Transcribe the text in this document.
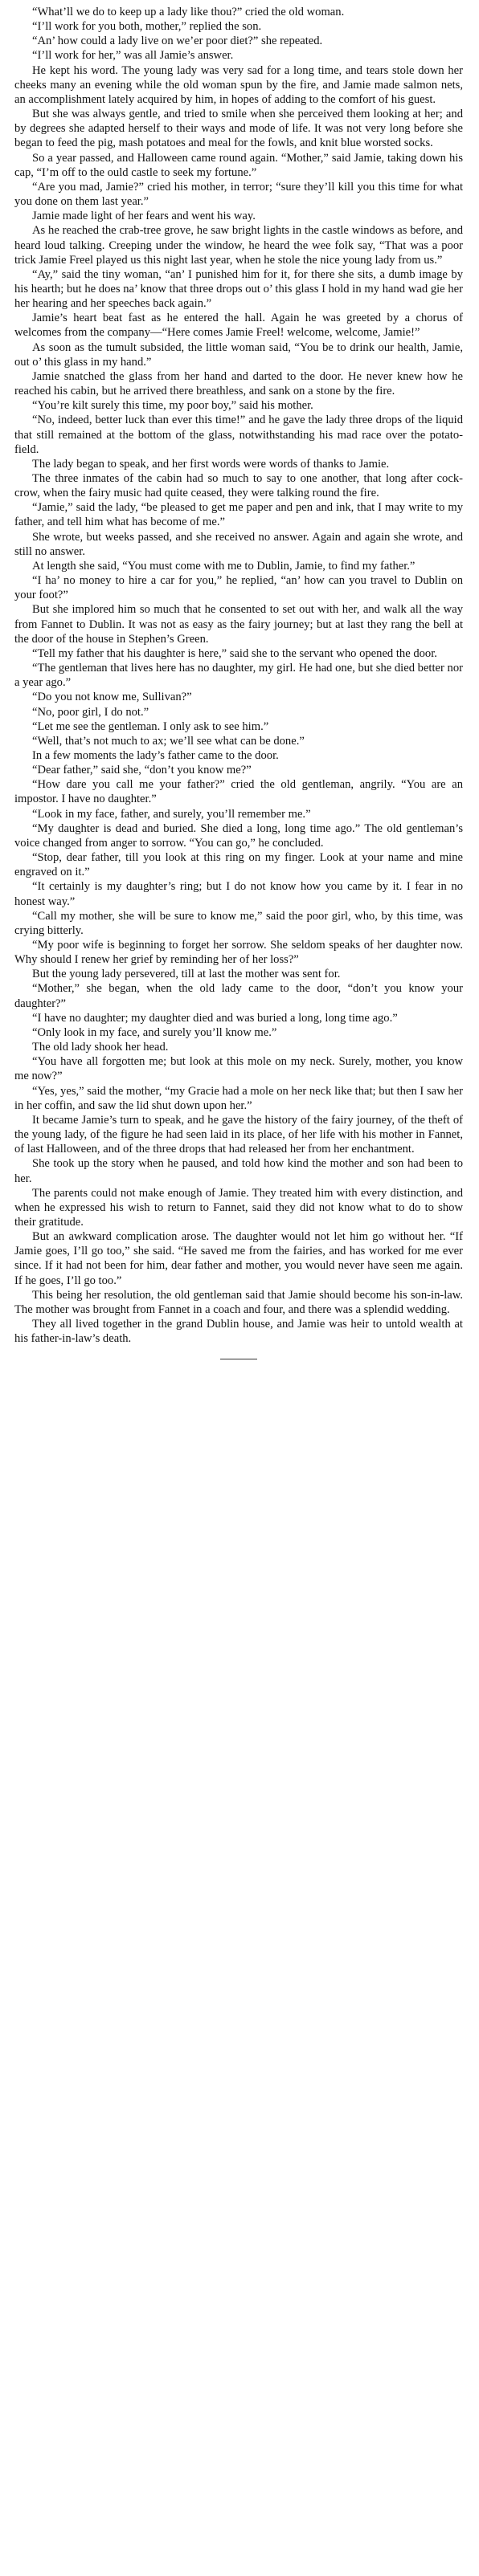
“What’ll we do to keep up a lady like thou?” cried the old woman.

“I’ll work for you both, mother,” replied the son.

“An’ how could a lady live on we’er poor diet?” she repeated.

“I’ll work for her,” was all Jamie’s answer.

He kept his word. The young lady was very sad for a long time, and tears stole down her cheeks many an evening while the old woman spun by the fire, and Jamie made salmon nets, an accomplishment lately acquired by him, in hopes of adding to the comfort of his guest.

But she was always gentle, and tried to smile when she perceived them looking at her; and by degrees she adapted herself to their ways and mode of life. It was not very long before she began to feed the pig, mash potatoes and meal for the fowls, and knit blue worsted socks.

So a year passed, and Halloween came round again. “Mother,” said Jamie, taking down his cap, “I’m off to the ould castle to seek my fortune.”

“Are you mad, Jamie?” cried his mother, in terror; “sure they’ll kill you this time for what you done on them last year.”

Jamie made light of her fears and went his way.

As he reached the crab-tree grove, he saw bright lights in the castle windows as before, and heard loud talking. Creeping under the window, he heard the wee folk say, “That was a poor trick Jamie Freel played us this night last year, when he stole the nice young lady from us.”

“Ay,” said the tiny woman, “an’ I punished him for it, for there she sits, a dumb image by his hearth; but he does na’ know that three drops out o’ this glass I hold in my hand wad gie her her hearing and her speeches back again.”

Jamie’s heart beat fast as he entered the hall. Again he was greeted by a chorus of welcomes from the company—“Here comes Jamie Freel! welcome, welcome, Jamie!”

As soon as the tumult subsided, the little woman said, “You be to drink our health, Jamie, out o’ this glass in my hand.”

Jamie snatched the glass from her hand and darted to the door. He never knew how he reached his cabin, but he arrived there breathless, and sank on a stone by the fire.

“You’re kilt surely this time, my poor boy,” said his mother.

“No, indeed, better luck than ever this time!” and he gave the lady three drops of the liquid that still remained at the bottom of the glass, notwithstanding his mad race over the potato-field.

The lady began to speak, and her first words were words of thanks to Jamie.

The three inmates of the cabin had so much to say to one another, that long after cock-crow, when the fairy music had quite ceased, they were talking round the fire.

“Jamie,” said the lady, “be pleased to get me paper and pen and ink, that I may write to my father, and tell him what has become of me.”

She wrote, but weeks passed, and she received no answer. Again and again she wrote, and still no answer.

At length she said, “You must come with me to Dublin, Jamie, to find my father.”

“I ha’ no money to hire a car for you,” he replied, “an’ how can you travel to Dublin on your foot?”

But she implored him so much that he consented to set out with her, and walk all the way from Fannet to Dublin. It was not as easy as the fairy journey; but at last they rang the bell at the door of the house in Stephen’s Green.

“Tell my father that his daughter is here,” said she to the servant who opened the door.

“The gentleman that lives here has no daughter, my girl. He had one, but she died better nor a year ago.”

“Do you not know me, Sullivan?”

“No, poor girl, I do not.”

“Let me see the gentleman. I only ask to see him.”

“Well, that’s not much to ax; we’ll see what can be done.”

In a few moments the lady’s father came to the door.

“Dear father,” said she, “don’t you know me?”

“How dare you call me your father?” cried the old gentleman, angrily. “You are an impostor. I have no daughter.”

“Look in my face, father, and surely, you’ll remember me.”

“My daughter is dead and buried. She died a long, long time ago.” The old gentleman’s voice changed from anger to sorrow. “You can go,” he concluded.

“Stop, dear father, till you look at this ring on my finger. Look at your name and mine engraved on it.”

“It certainly is my daughter’s ring; but I do not know how you came by it. I fear in no honest way.”

“Call my mother, she will be sure to know me,” said the poor girl, who, by this time, was crying bitterly.

“My poor wife is beginning to forget her sorrow. She seldom speaks of her daughter now. Why should I renew her grief by reminding her of her loss?”

But the young lady persevered, till at last the mother was sent for.

“Mother,” she began, when the old lady came to the door, “don’t you know your daughter?”

“I have no daughter; my daughter died and was buried a long, long time ago.”

“Only look in my face, and surely you’ll know me.”

The old lady shook her head.

“You have all forgotten me; but look at this mole on my neck. Surely, mother, you know me now?”

“Yes, yes,” said the mother, “my Gracie had a mole on her neck like that; but then I saw her in her coffin, and saw the lid shut down upon her.”

It became Jamie’s turn to speak, and he gave the history of the fairy journey, of the theft of the young lady, of the figure he had seen laid in its place, of her life with his mother in Fannet, of last Halloween, and of the three drops that had released her from her enchantment.

She took up the story when he paused, and told how kind the mother and son had been to her.

The parents could not make enough of Jamie. They treated him with every distinction, and when he expressed his wish to return to Fannet, said they did not know what to do to show their gratitude.

But an awkward complication arose. The daughter would not let him go without her. “If Jamie goes, I’ll go too,” she said. “He saved me from the fairies, and has worked for me ever since. If it had not been for him, dear father and mother, you would never have seen me again. If he goes, I’ll go too.”

This being her resolution, the old gentleman said that Jamie should become his son-in-law. The mother was brought from Fannet in a coach and four, and there was a splendid wedding.

They all lived together in the grand Dublin house, and Jamie was heir to untold wealth at his father-in-law’s death.
